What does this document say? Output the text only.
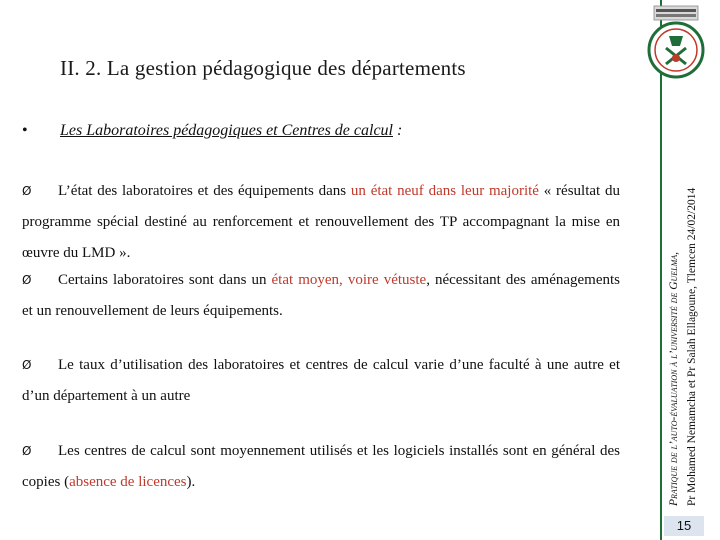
II. 2. La gestion pédagogique des départements
• Les Laboratoires pédagogiques et Centres de calcul :
Ø L’état des laboratoires et des équipements dans un état neuf dans leur majorité « résultat du programme spécial destiné au renforcement et renouvellement des TP accompagnant la mise en œuvre du LMD ».
Ø Certains laboratoires sont dans un état moyen, voire vétuste, nécessitant des aménagements et un renouvellement de leurs équipements.
Ø Le taux d’utilisation des laboratoires et centres de calcul varie d’une faculté à une autre et d’un département à un autre
Ø Les centres de calcul sont moyennement utilisés et les logiciels installés sont en général des copies (absence de licences).	Pratique de l’auto-évaluation à l’université de Guelma, Pr Mohamed Nemamcha et Pr Salah Ellagoune, Tlemcen 24/02/2014
15
